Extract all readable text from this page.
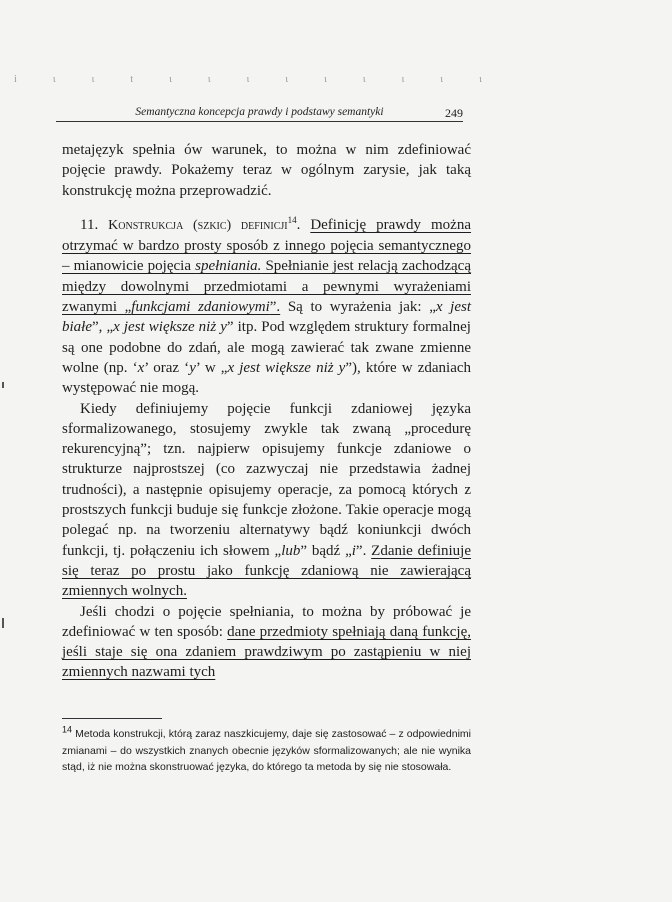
i	ι	ι	t	ι	ι	ι	ι	ι	ι	ι	ι	ι
Semantyczna koncepcja prawdy i podstawy semantyki	249

metajęzyk spełnia ów warunek, to można w nim zdefiniować pojęcie prawdy. Pokażemy teraz w ogólnym zarysie, jak taką konstrukcję można przeprowadzić.

11. Konstrukcja (szkic) definicji$^{14}$. Definicję prawdy można otrzymać w bardzo prosty sposób z innego pojęcia semantycznego – mianowicie pojęcia spełniania. Spełnianie jest relacją zachodzącą między dowolnymi przedmiotami a pewnymi wyrażeniami zwanymi „funkcjami zdaniowymi”. Są to wyrażenia jak: „x jest białe”, „x jest większe niż y” itp. Pod względem struktury formalnej są one podobne do zdań, ale mogą zawierać tak zwane zmienne wolne (np. ‘x’ oraz ‘y’ w „x jest większe niż y”), które w zdaniach występować nie mogą.

Kiedy definiujemy pojęcie funkcji zdaniowej języka sformalizowanego, stosujemy zwykle tak zwaną „procedurę rekurencyjną”; tzn. najpierw opisujemy funkcje zdaniowe o strukturze najprostszej (co zazwyczaj nie przedstawia żadnej trudności), a następnie opisujemy operacje, za pomocą których z prostszych funkcji buduje się funkcje złożone. Takie operacje mogą polegać np. na tworzeniu alternatywy bądź koniunkcji dwóch funkcji, tj. połączeniu ich słowem „lub” bądź „i”. Zdanie definiuje się teraz po prostu jako funkcję zdaniową nie zawierającą zmiennych wolnych.

Jeśli chodzi o pojęcie spełniania, to można by próbować je zdefiniować w ten sposób: dane przedmioty spełniają daną funkcję, jeśli staje się ona zdaniem prawdziwym po zastąpieniu w niej zmiennych nazwami tych

$^{14}$ Metoda konstrukcji, którą zaraz naszkicujemy, daje się zastosować – z odpowiednimi zmianami – do wszystkich znanych obecnie języków sformalizowanych; ale nie wynika stąd, iż nie można skonstruować języka, do którego ta metoda by się nie stosowała.
